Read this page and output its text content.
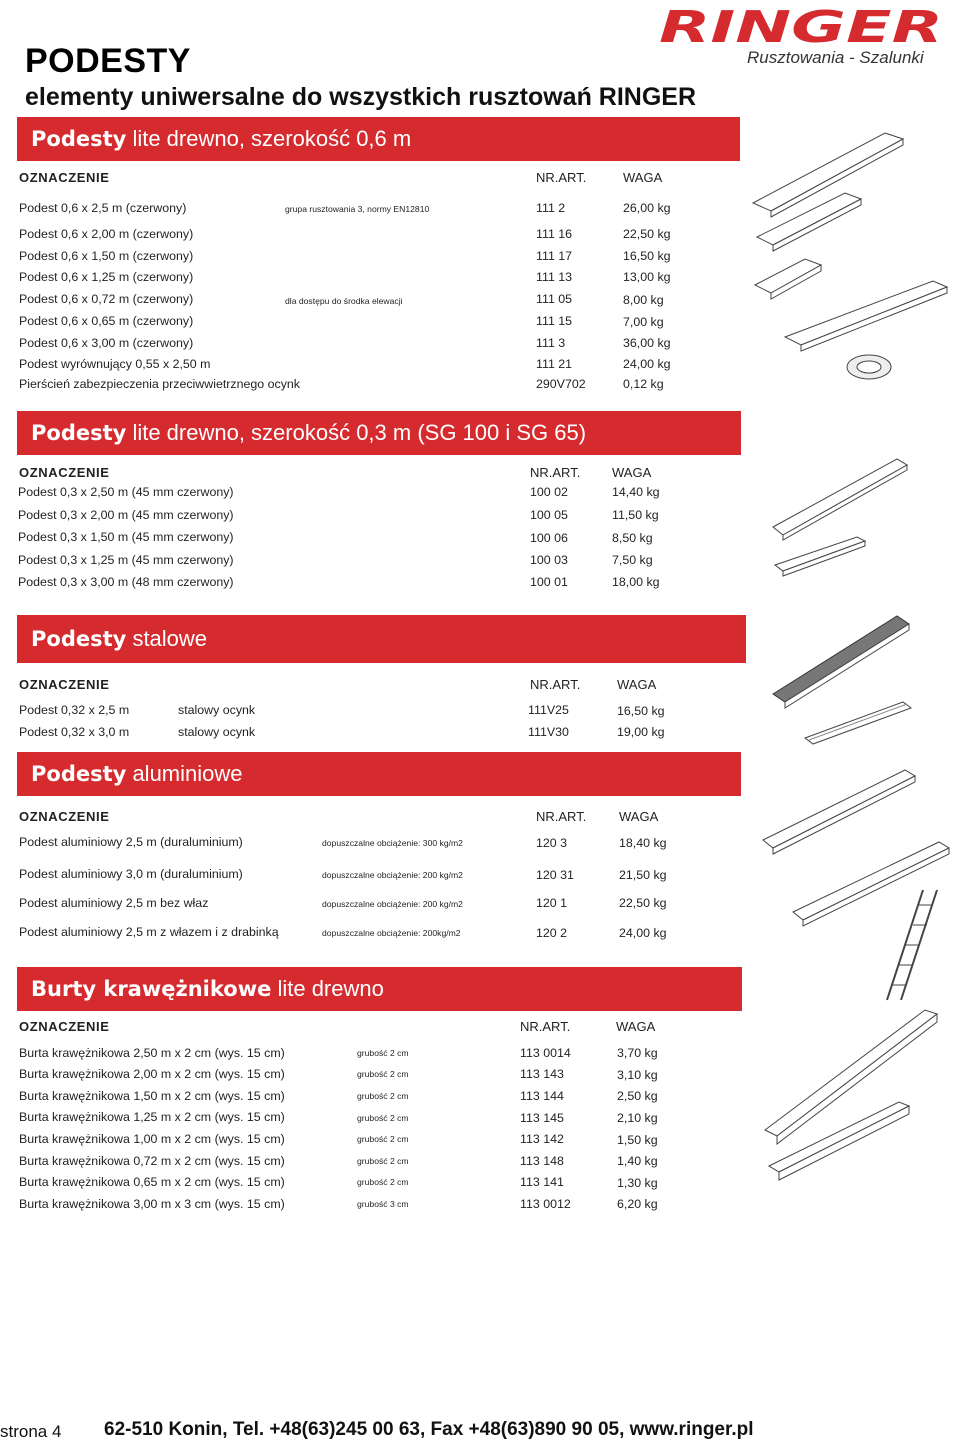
PODESTY
elementy uniwersalne do wszystkich rusztowań RINGER
RINGER
Rusztowania - Szalunki
Podesty lite drewno, szerokość 0,6 m
OZNACZENIE	NR.ART.	WAGA
Podest 0,6 x 2,5 m (czerwony)	grupa rusztowania 3, normy EN12810	111 2	26,00 kg
Podest 0,6 x 2,00 m (czerwony)	111 16	22,50 kg
Podest 0,6 x 1,50 m (czerwony)	111 17	16,50 kg
Podest 0,6 x 1,25 m (czerwony)	111 13	13,00 kg
Podest 0,6 x 0,72 m (czerwony)	dla dostępu do środka elewacji	111 05	8,00 kg
Podest 0,6 x 0,65 m (czerwony)	111 15	7,00 kg
Podest 0,6 x 3,00 m (czerwony)	111 3	36,00 kg
Podest wyrównujący 0,55 x 2,50 m	111 21	24,00 kg
Pierścień zabezpieczenia przeciwwietrznego ocynk	290V702	0,12 kg
Podesty lite drewno, szerokość 0,3 m (SG 100 i SG 65)
OZNACZENIE	NR.ART. WAGA
Podest 0,3 x 2,50 m (45 mm czerwony)	100 02	14,40 kg
Podest 0,3 x 2,00 m (45 mm czerwony)	100 05	11,50 kg
Podest 0,3 x 1,50 m (45 mm czerwony)	100 06	8,50 kg
Podest 0,3 x 1,25 m (45 mm czerwony)	100 03	7,50 kg
Podest 0,3 x 3,00 m (48 mm czerwony)	100 01	18,00 kg
Podesty stalowe
OZNACZENIE	NR.ART.	WAGA
Podest 0,32 x 2,5 m	stalowy ocynk	111V25	16,50 kg
Podest 0,32 x 3,0 m	stalowy ocynk	111V30	19,00 kg
Podesty aluminiowe
OZNACZENIE	NR.ART.	WAGA
Podest aluminiowy 2,5 m (duraluminium)	dopuszczalne obciążenie: 300 kg/m2	120 3	18,40 kg
Podest aluminiowy 3,0 m (duraluminium)	dopuszczalne obciążenie: 200 kg/m2	120 31	21,50 kg
Podest aluminiowy 2,5 m bez właz	dopuszczalne obciążenie: 200 kg/m2	120 1	22,50 kg
Podest aluminiowy 2,5 m z włazem i z drabinką	dopuszczalne obciążenie: 200kg/m2	120 2	24,00 kg
Burty krawężnikowe lite drewno
OZNACZENIE	NR.ART.	WAGA
Burta krawężnikowa 2,50 m x 2 cm (wys. 15 cm)	grubość 2 cm	113 0014	3,70 kg
Burta krawężnikowa 2,00 m x 2 cm (wys. 15 cm)	grubość 2 cm	113 143	3,10 kg
Burta krawężnikowa 1,50 m x 2 cm (wys. 15 cm)	grubość 2 cm	113 144	2,50 kg
Burta krawężnikowa 1,25 m x 2 cm (wys. 15 cm)	grubość 2 cm	113 145	2,10 kg
Burta krawężnikowa 1,00 m x 2 cm (wys. 15 cm)	grubość 2 cm	113 142	1,50 kg
Burta krawężnikowa 0,72 m x 2 cm (wys. 15 cm)	grubość 2 cm	113 148	1,40 kg
Burta krawężnikowa 0,65 m x 2 cm (wys. 15 cm)	grubość 2 cm	113 141	1,30 kg
Burta krawężnikowa 3,00 m x 3 cm (wys. 15 cm)	grubość 3 cm	113 0012	6,20 kg
strona 4 62-510 Konin, Tel. +48(63)245 00 63, Fax +48(63)890 90 05, www.ringer.pl
